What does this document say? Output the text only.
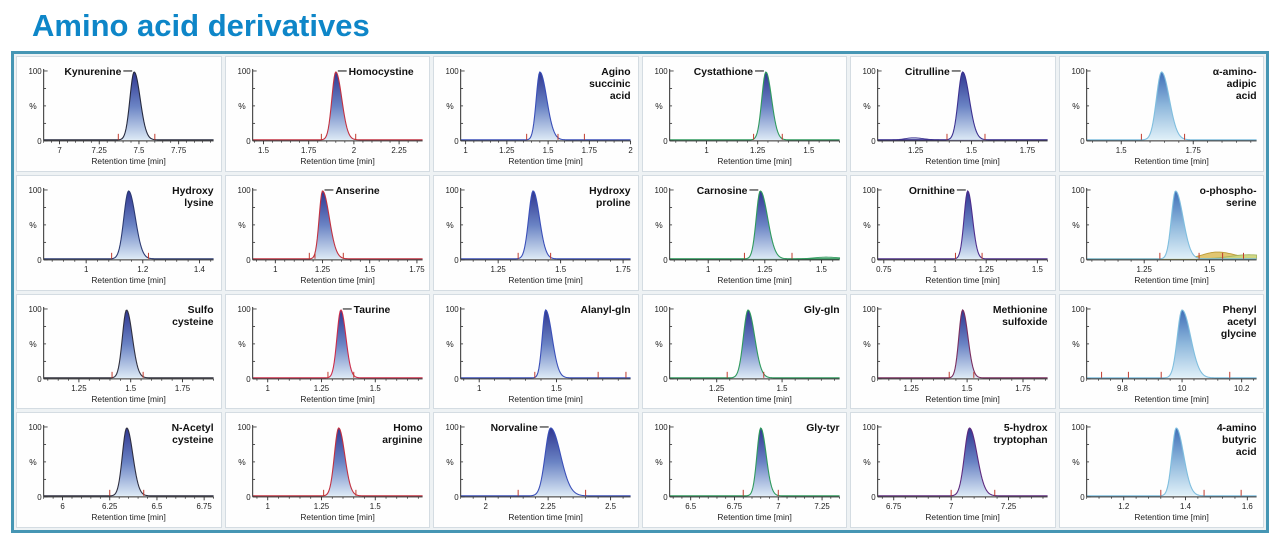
Amino acid derivatives
100
%
0
7	7.25	7.5	7.75
Retention time [min]
Kynurenine	100
%
0
1.5	1.75	2	2.25
Retention time [min]
Homocystine	100
%
0
1	1.25	1.5	1.75	2
Retention time [min]
Agino
succinic
acid
100
%
0
1	1.25	1.5
Retention time [min]
Cystathione	100
%
0
1.25	1.5	1.75
Retention time [min]
Citrulline	100
%
0
1.5	1.75
Retention time [min]
α-amino-
adipic
acid
100
%
0
1	1.2	1.4
Retention time [min]
Hydroxy
lysine
100
%
0
1	1.25	1.5	1.75
Retention time [min]
Anserine	100
%
0
1.25	1.5	1.75
Retention time [min]
Hydroxy
proline
100
%
0
1	1.25	1.5
Retention time [min]
Carnosine	100
%
0
0.75	1	1.25	1.5
Retention time [min]
Ornithine	100
%
0
1.25	1.5
Retention time [min]
o-phospho-
serine
100
%
0
1.25	1.5	1.75
Retention time [min]
Sulfo
cysteine
100
%
0
1	1.25	1.5
Retention time [min]
Taurine	100
%
0
1	1.5
Retention time [min]
Alanyl-gln	100
%
0
1.25	1.5
Retention time [min]
Gly-gln	100
%
0
1.25	1.5	1.75
Retention time [min]
Methionine
sulfoxide
100
%
0
9.8	10	10.2
Retention time [min]
Phenyl
acetyl
glycine
100
%
0
6	6.25	6.5	6.75
Retention time [min]
N-Acetyl
cysteine
100
%
0
1	1.25	1.5
Retention time [min]
Homo
arginine
100
%
0
2	2.25	2.5
Retention time [min]
Norvaline	100
%
0
6.5	6.75	7	7.25
Retention time [min]
Gly-tyr	100
%
0
6.75	7	7.25
Retention time [min]
5-hydrox
tryptophan
100
%
0
1.2	1.4	1.6
Retention time [min]
4-amino
butyric
acid
